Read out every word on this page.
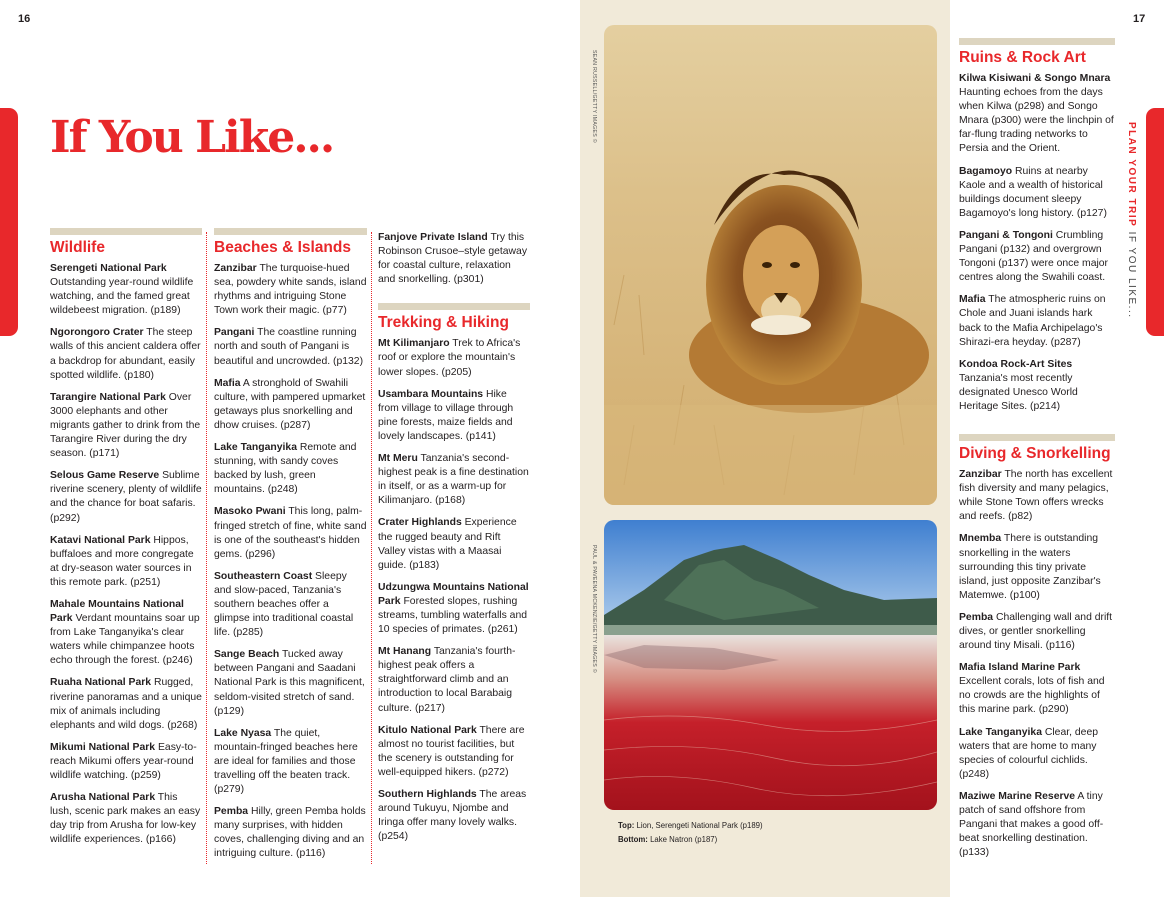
16	17
PLAN YOUR TRIP IF YOU LIKE...
If You Like...
Wildlife

Serengeti National Park Outstanding year-round wildlife watching, and the famed great wildebeest migration. (p189)

Ngorongoro Crater The steep walls of this ancient caldera offer a backdrop for abundant, easily spotted wildlife. (p180)

Tarangire National Park Over 3000 elephants and other migrants gather to drink from the Tarangire River during the dry season. (p171)

Selous Game Reserve Sublime riverine scenery, plenty of wildlife and the chance for boat safaris. (p292)

Katavi National Park Hippos, buffaloes and more congregate at dry-season water sources in this remote park. (p251)

Mahale Mountains National Park Verdant mountains soar up from Lake Tanganyika's clear waters while chimpanzee hoots echo through the forest. (p246)

Ruaha National Park Rugged, riverine panoramas and a unique mix of animals including elephants and wild dogs. (p268)

Mikumi National Park Easy-to-reach Mikumi offers year-round wildlife watching. (p259)

Arusha National Park This lush, scenic park makes an easy day trip from Arusha for low-key wildlife experiences. (p166)

Beaches & Islands

Zanzibar The turquoise-hued sea, powdery white sands, island rhythms and intriguing Stone Town work their magic. (p77)

Pangani The coastline running north and south of Pangani is beautiful and uncrowded. (p132)

Mafia A stronghold of Swahili culture, with pampered upmarket getaways plus snorkelling and dhow cruises. (p287)

Lake Tanganyika Remote and stunning, with sandy coves backed by lush, green mountains. (p248)

Masoko Pwani This long, palm-fringed stretch of fine, white sand is one of the southeast's hidden gems. (p296)

Southeastern Coast Sleepy and slow-paced, Tanzania's southern beaches offer a glimpse into traditional coastal life. (p285)

Sange Beach Tucked away between Pangani and Saadani National Park is this magnificent, seldom-visited stretch of sand. (p129)

Lake Nyasa The quiet, mountain-fringed beaches here are ideal for families and those travelling off the beaten track. (p279)

Pemba Hilly, green Pemba holds many surprises, with hidden coves, challenging diving and an intriguing culture. (p116)

Fanjove Private Island Try this Robinson Crusoe–style getaway for coastal culture, relaxation and snorkelling. (p301)

Trekking & Hiking

Mt Kilimanjaro Trek to Africa's roof or explore the mountain's lower slopes. (p205)

Usambara Mountains Hike from village to village through pine forests, maize fields and lovely landscapes. (p141)

Mt Meru Tanzania's second-highest peak is a fine destination in itself, or as a warm-up for Kilimanjaro. (p168)

Crater Highlands Experience the rugged beauty and Rift Valley vistas with a Maasai guide. (p183)

Udzungwa Mountains National Park Forested slopes, rushing streams, tumbling waterfalls and 10 species of primates. (p261)

Mt Hanang Tanzania's fourth-highest peak offers a straightforward climb and an introduction to local Barabaig culture. (p217)

Kitulo National Park There are almost no tourist facilities, but the scenery is outstanding for well-equipped hikers. (p272)

Southern Highlands The areas around Tukuyu, Njombe and Iringa offer many lovely walks. (p254)

SEAN RUSSELL/GETTY IMAGES ©
PAUL & PAVEENA MCKENZIE/GETTY IMAGES ©
Top: Lion, Serengeti National Park (p189)
Bottom: Lake Natron (p187)
Ruins & Rock Art

Kilwa Kisiwani & Songo Mnara Haunting echoes from the days when Kilwa (p298) and Songo Mnara (p300) were the linchpin of far-flung trading networks to Persia and the Orient.

Bagamoyo Ruins at nearby Kaole and a wealth of historical buildings document sleepy Bagamoyo's long history. (p127)

Pangani & Tongoni Crumbling Pangani (p132) and overgrown Tongoni (p137) were once major centres along the Swahili coast.

Mafia The atmospheric ruins on Chole and Juani islands hark back to the Mafia Archipelago's Shirazi-era heyday. (p287)

Kondoa Rock-Art Sites Tanzania's most recently designated Unesco World Heritage Sites. (p214)

Diving & Snorkelling

Zanzibar The north has excellent fish diversity and many pelagics, while Stone Town offers wrecks and reefs. (p82)

Mnemba There is outstanding snorkelling in the waters surrounding this tiny private island, just opposite Zanzibar's Matemwe. (p100)

Pemba Challenging wall and drift dives, or gentler snorkelling around tiny Misali. (p116)

Mafia Island Marine Park Excellent corals, lots of fish and no crowds are the highlights of this marine park. (p290)

Lake Tanganyika Clear, deep waters that are home to many species of colourful cichlids. (p248)

Maziwe Marine Reserve A tiny patch of sand offshore from Pangani that makes a good off-beat snorkelling destination. (p133)
